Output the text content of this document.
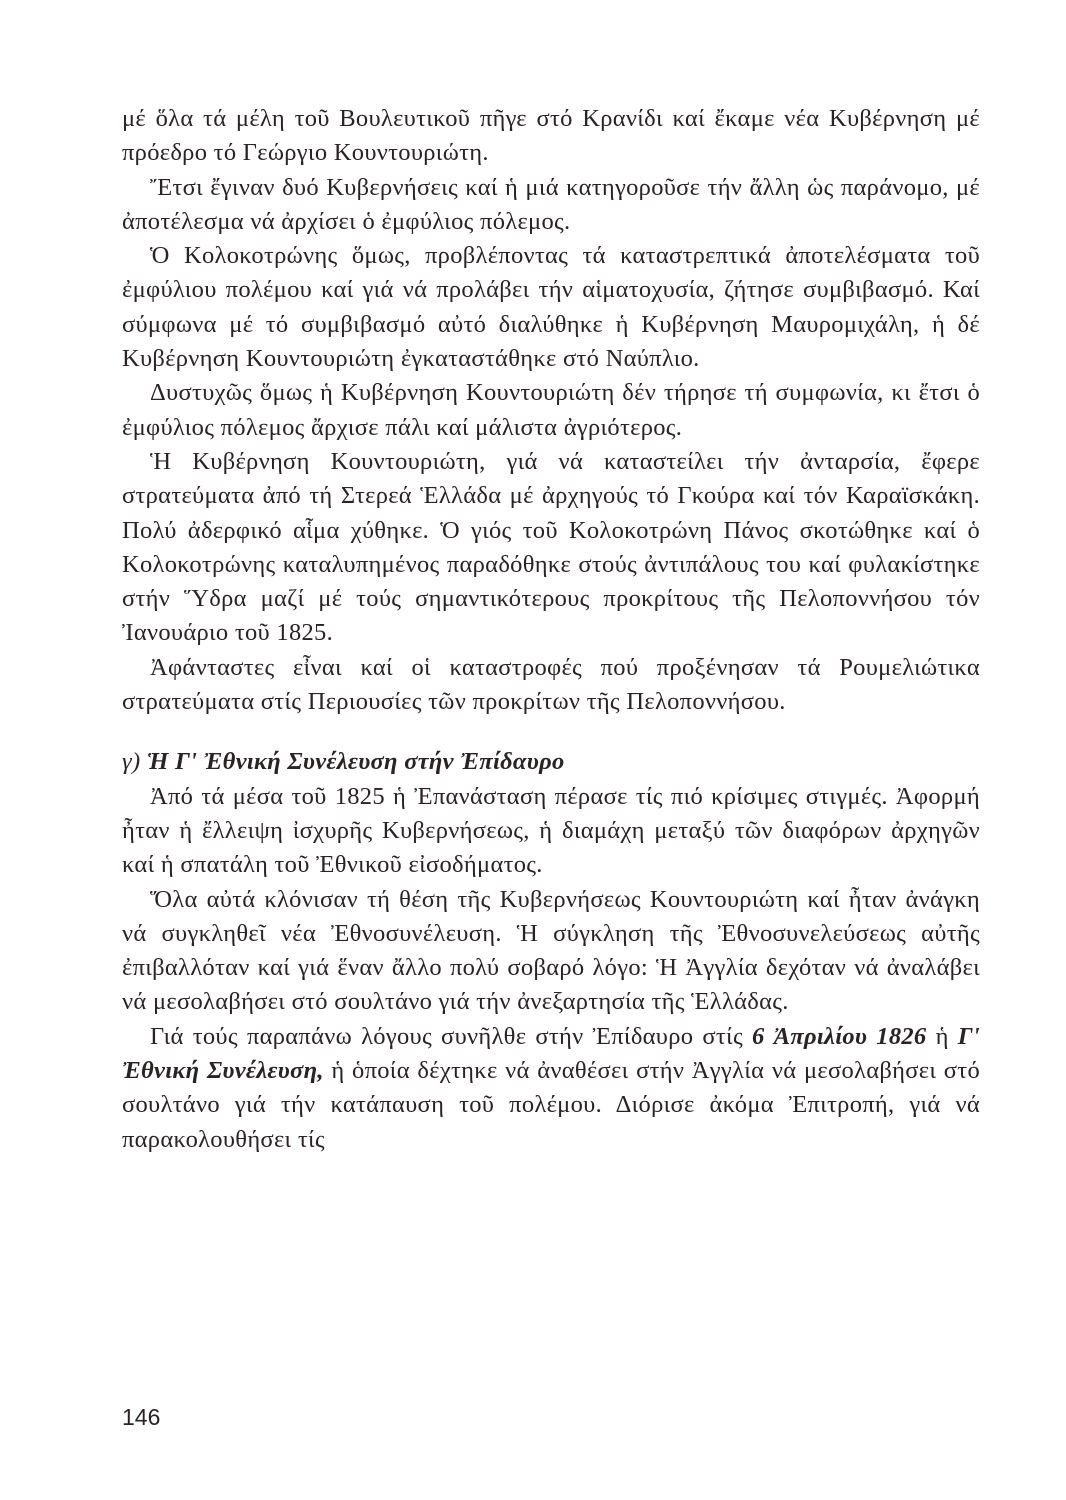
μέ ὅλα τά μέλη τοῦ Βουλευτικοῦ πῆγε στό Κρανίδι καί ἔκαμε νέα Κυβέρνηση μέ πρόεδρο τό Γεώργιο Κουντουριώτη.

Ἔτσι ἔγιναν δυό Κυβερνήσεις καί ἡ μιά κατηγοροῦσε τήν ἄλλη ὡς παράνομο, μέ ἀποτέλεσμα νά ἀρχίσει ὁ ἐμφύλιος πόλεμος.

Ὁ Κολοκοτρώνης ὅμως, προβλέποντας τά καταστρεπτικά ἀποτελέσματα τοῦ ἐμφύλιου πολέμου καί γιά νά προλάβει τήν αἱματοχυσία, ζήτησε συμβιβασμό. Καί σύμφωνα μέ τό συμβιβασμό αὐτό διαλύθηκε ἡ Κυβέρνηση Μαυρομιχάλη, ἡ δέ Κυβέρνηση Κουντουριώτη ἐγκαταστάθηκε στό Ναύπλιο.

Δυστυχῶς ὅμως ἡ Κυβέρνηση Κουντουριώτη δέν τήρησε τή συμφωνία, κι ἔτσι ὁ ἐμφύλιος πόλεμος ἄρχισε πάλι καί μάλιστα ἀγριότερος.

Ἡ Κυβέρνηση Κουντουριώτη, γιά νά καταστείλει τήν ἀνταρσία, ἔφερε στρατεύματα ἀπό τή Στερεά Ἑλλάδα μέ ἀρχηγούς τό Γκούρα καί τόν Καραϊσκάκη. Πολύ ἀδερφικό αἷμα χύθηκε. Ὁ γιός τοῦ Κολοκοτρώνη Πάνος σκοτώθηκε καί ὁ Κολοκοτρώνης καταλυπημένος παραδόθηκε στούς ἀντιπάλους του καί φυλακίστηκε στήν Ὕδρα μαζί μέ τούς σημαντικότερους προκρίτους τῆς Πελοποννήσου τόν Ἰανουάριο τοῦ 1825.

Ἀφάνταστες εἶναι καί οἱ καταστροφές πού προξένησαν τά Ρουμελιώτικα στρατεύματα στίς Περιουσίες τῶν προκρίτων τῆς Πελοποννήσου.

γ) Ἡ Γ' Ἐθνική Συνέλευση στήν Ἐπίδαυρο

Ἀπό τά μέσα τοῦ 1825 ἡ Ἐπανάσταση πέρασε τίς πιό κρίσιμες στιγμές. Ἀφορμή ἦταν ἡ ἔλλειψη ἰσχυρῆς Κυβερνήσεως, ἡ διαμάχη μεταξύ τῶν διαφόρων ἀρχηγῶν καί ἡ σπατάλη τοῦ Ἐθνικοῦ εἰσοδήματος.

Ὅλα αὐτά κλόνισαν τή θέση τῆς Κυβερνήσεως Κουντουριώτη καί ἦταν ἀνάγκη νά συγκληθεῖ νέα Ἐθνοσυνέλευση. Ἡ σύγκληση τῆς Ἐθνοσυνελεύσεως αὐτῆς ἐπιβαλλόταν καί γιά ἕναν ἄλλο πολύ σοβαρό λόγο: Ἡ Ἀγγλία δεχόταν νά ἀναλάβει νά μεσολαβήσει στό σουλτάνο γιά τήν ἀνεξαρτησία τῆς Ἑλλάδας.

Γιά τούς παραπάνω λόγους συνῆλθε στήν Ἐπίδαυρο στίς 6 Ἀπριλίου 1826 ἡ Γ' Ἐθνική Συνέλευση, ἡ ὁποία δέχτηκε νά ἀναθέσει στήν Ἀγγλία νά μεσολαβήσει στό σουλτάνο γιά τήν κατάπαυση τοῦ πολέμου. Διόρισε ἀκόμα Ἐπιτροπή, γιά νά παρακολουθήσει τίς

146
